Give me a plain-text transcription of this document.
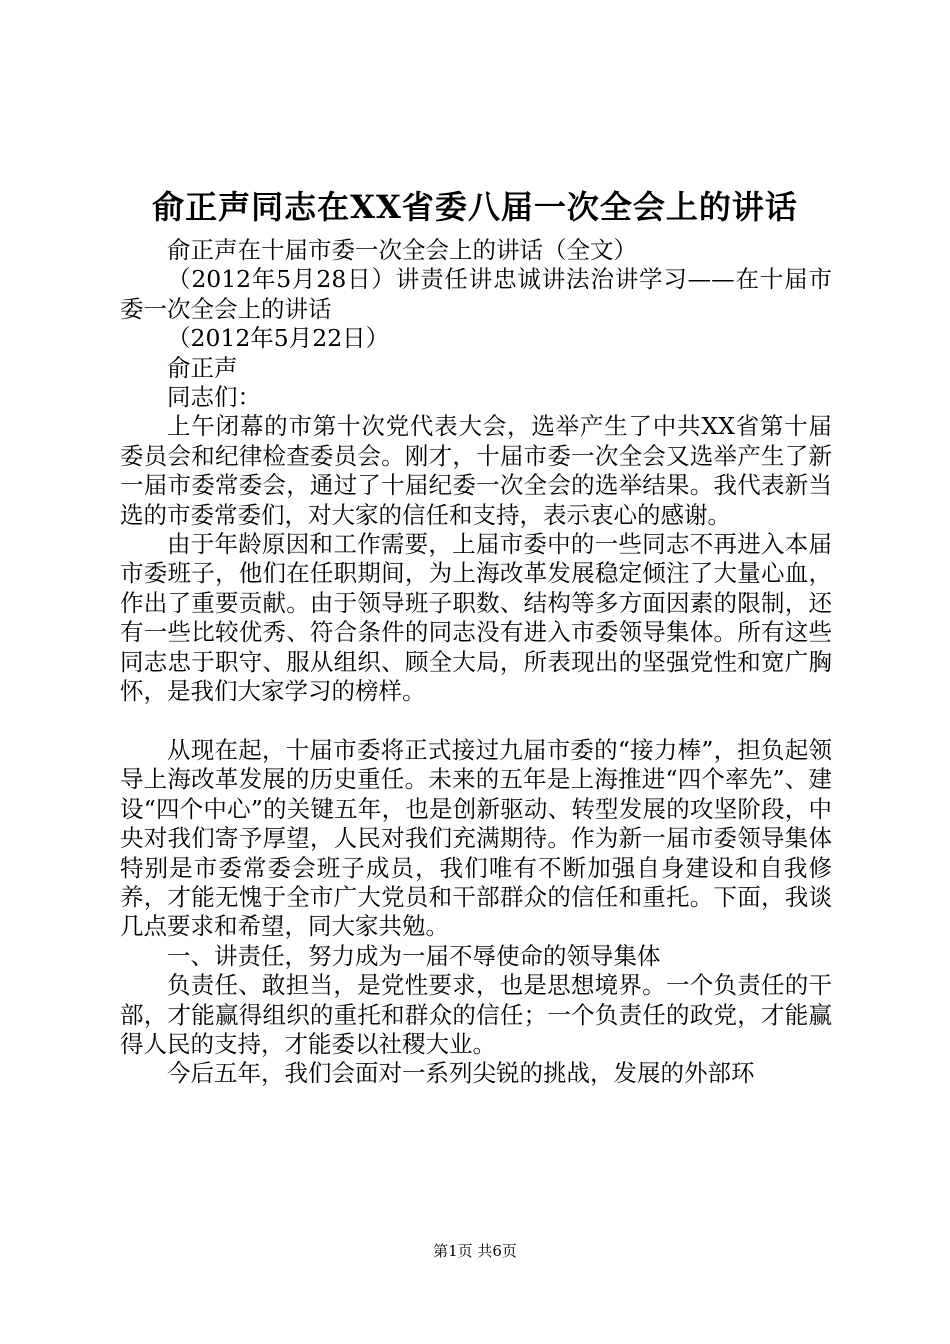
俞正声同志在XX省委八届一次全会上的讲话

俞正声在十届市委一次全会上的讲话（全文）

（2012年5月28日）讲责任讲忠诚讲法治讲学习——在十届市委一次全会上的讲话

（2012年5月22日）

俞正声

同志们：

上午闭幕的市第十次党代表大会，选举产生了中共XX省第十届委员会和纪律检查委员会。刚才，十届市委一次全会又选举产生了新一届市委常委会，通过了十届纪委一次全会的选举结果。我代表新当选的市委常委们，对大家的信任和支持，表示衷心的感谢。

由于年龄原因和工作需要，上届市委中的一些同志不再进入本届市委班子，他们在任职期间，为上海改革发展稳定倾注了大量心血，作出了重要贡献。由于领导班子职数、结构等多方面因素的限制，还有一些比较优秀、符合条件的同志没有进入市委领导集体。所有这些同志忠于职守、服从组织、顾全大局，所表现出的坚强党性和宽广胸怀，是我们大家学习的榜样。

从现在起，十届市委将正式接过九届市委的“接力棒”，担负起领导上海改革发展的历史重任。未来的五年是上海推进“四个率先”、建设“四个中心”的关键五年，也是创新驱动、转型发展的攻坚阶段，中央对我们寄予厚望，人民对我们充满期待。作为新一届市委领导集体特别是市委常委会班子成员，我们唯有不断加强自身建设和自我修养，才能无愧于全市广大党员和干部群众的信任和重托。下面，我谈几点要求和希望，同大家共勉。

一、讲责任，努力成为一届不辱使命的领导集体

负责任、敢担当，是党性要求，也是思想境界。一个负责任的干部，才能赢得组织的重托和群众的信任；一个负责任的政党，才能赢得人民的支持，才能委以社稷大业。

今后五年，我们会面对一系列尖锐的挑战，发展的外部环

第1页 共6页
